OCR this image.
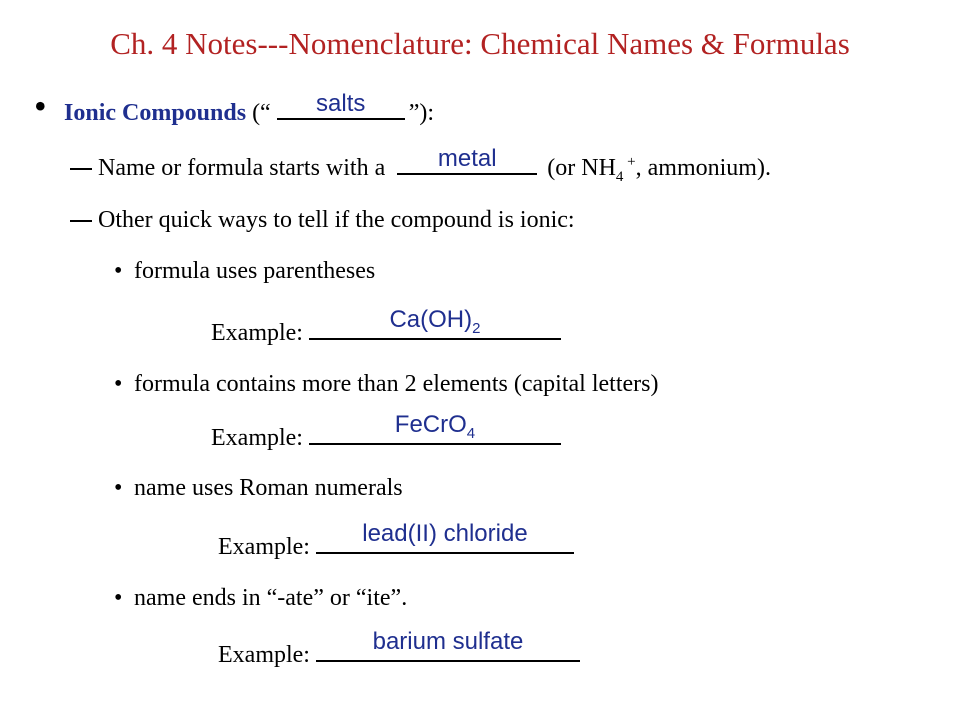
Ch. 4 Notes---Nomenclature: Chemical Names & Formulas
• Ionic Compounds (“	salts	”):
Name or formula starts with a	metal	(or $NH_4$ +, ammonium).
Other quick ways to tell if the compound is ionic:
• formula uses parentheses
Example:	$Ca(OH)_2$
• formula contains more than 2 elements (capital letters)
Example:	FeCrO$_4$
• name uses Roman numerals
Example:	lead(II) chloride
• name ends in “-ate” or “ite”.
Example:	barium sulfate
